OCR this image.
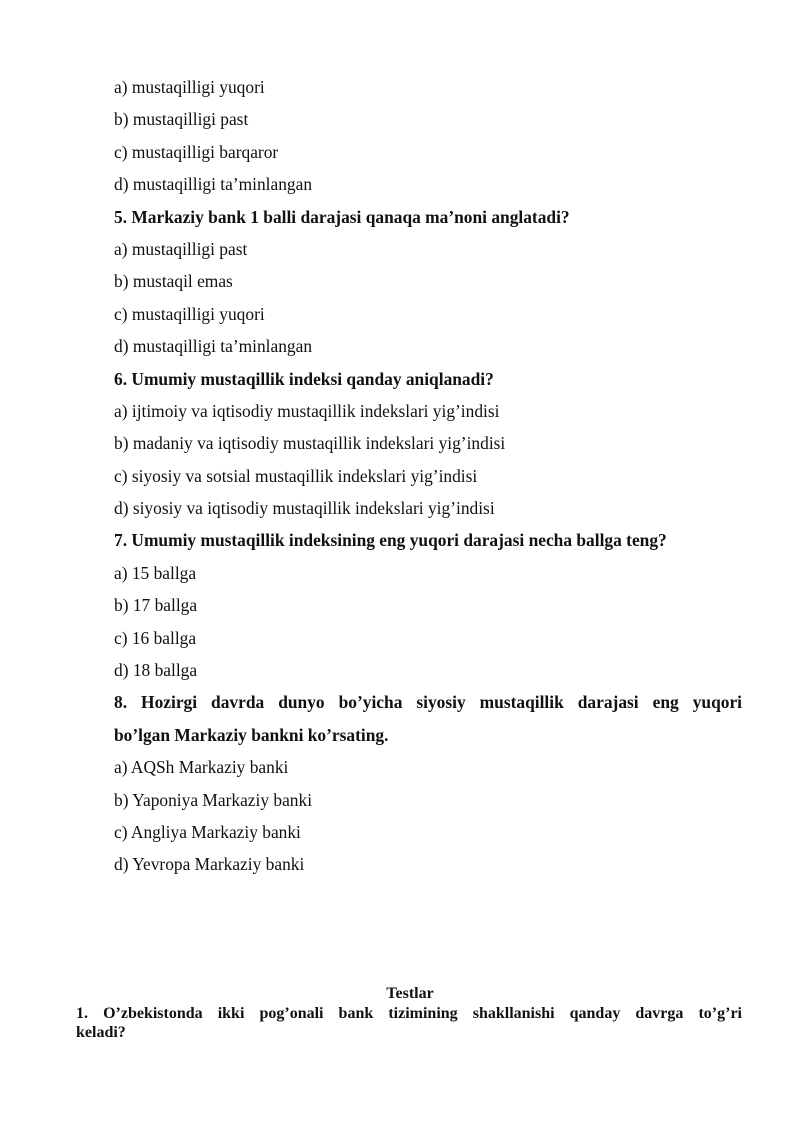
a) mustaqilligi yuqori
b) mustaqilligi past
c) mustaqilligi barqaror
d) mustaqilligi ta’minlangan
5. Markaziy bank 1 balli darajasi qanaqa ma’noni anglatadi?
a) mustaqilligi past
b) mustaqil emas
c) mustaqilligi yuqori
d) mustaqilligi ta’minlangan
6. Umumiy mustaqillik indeksi qanday aniqlanadi?
a) ijtimoiy va iqtisodiy mustaqillik indekslari yig’indisi
b) madaniy va iqtisodiy mustaqillik indekslari yig’indisi
c) siyosiy va sotsial mustaqillik indekslari yig’indisi
d) siyosiy va iqtisodiy mustaqillik indekslari yig’indisi
7. Umumiy mustaqillik indeksining eng yuqori darajasi necha ballga teng?
a) 15 ballga
b) 17 ballga
c) 16 ballga
d) 18 ballga
8. Hozirgi davrda dunyo bo’yicha siyosiy mustaqillik darajasi eng yuqori
bo’lgan Markaziy bankni ko’rsating.
a) AQSh Markaziy banki
b) Yaponiya Markaziy banki
c) Angliya Markaziy banki
d) Yevropa Markaziy banki
Testlar
1. O’zbekistonda ikki pog’onali bank tizimining shakllanishi qanday davrga to’g’ri
keladi?
